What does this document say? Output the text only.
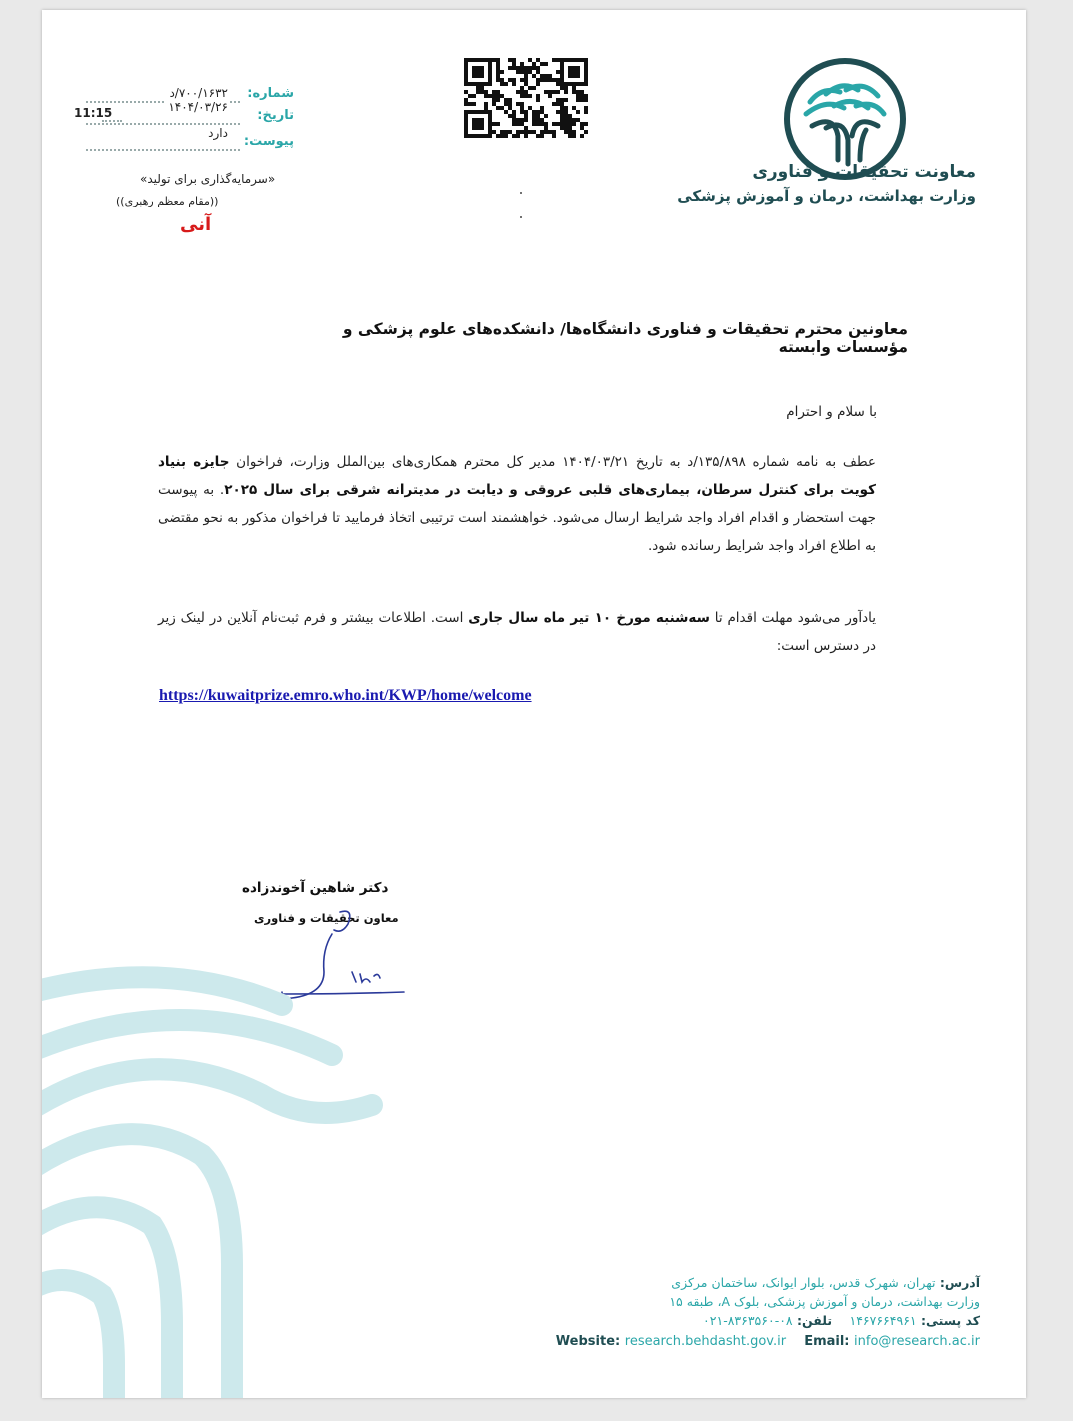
معاونت تحقیقات و فناوری
وزارت بهداشت، درمان و آموزش پزشکی
۷۰۰/۱۶۳۲/د شماره:
۱۴۰۴/۰۳/۲۶
تاریخ:
11:15
دارد
پیوست:
«سرمایه‌گذاری برای تولید»
((مقام معظم رهبری))
آنی
معاونین محترم تحقیقات و فناوری دانشگاه‌ها/ دانشکده‌های علوم پزشکی و مؤسسات وابسته
با سلام و احترام
عطف به نامه شماره ۱۳۵/۸۹۸/د به تاریخ ۱۴۰۴/۰۳/۲۱ مدیر کل محترم همکاری‌های بین‌الملل وزارت، فراخوان جایزه بنیاد کویت برای کنترل سرطان، بیماری‌های قلبی عروقی و دیابت در مدیترانه شرقی برای سال ۲۰۲۵. به پیوست جهت استحضار و اقدام افراد واجد شرایط ارسال می‌شود. خواهشمند است ترتیبی اتخاذ فرمایید تا فراخوان مذکور به نحو مقتضی به اطلاع افراد واجد شرایط رسانده شود.
یادآور می‌شود مهلت اقدام تا سه‌شنبه مورخ ۱۰ تیر ماه سال جاری است. اطلاعات بیشتر و فرم ثبت‌نام آنلاین در لینک زیر در دسترس است:
https://kuwaitprize.emro.who.int/KWP/home/welcome
دکتر شاهین آخوندزاده
معاون تحقیقات و فناوری
آدرس: تهران، شهرک قدس، بلوار ایوانک، ساختمان مرکزی
وزارت بهداشت، درمان و آموزش پزشکی، بلوک A، طبقه ۱۵
کد پستی: ۱۴۶۷۶۶۴۹۶۱    تلفن: ۰۸-۸۳۶۳۵۶۰-۰۲۱
Website: research.behdasht.gov.ir Email: info@research.ac.ir
